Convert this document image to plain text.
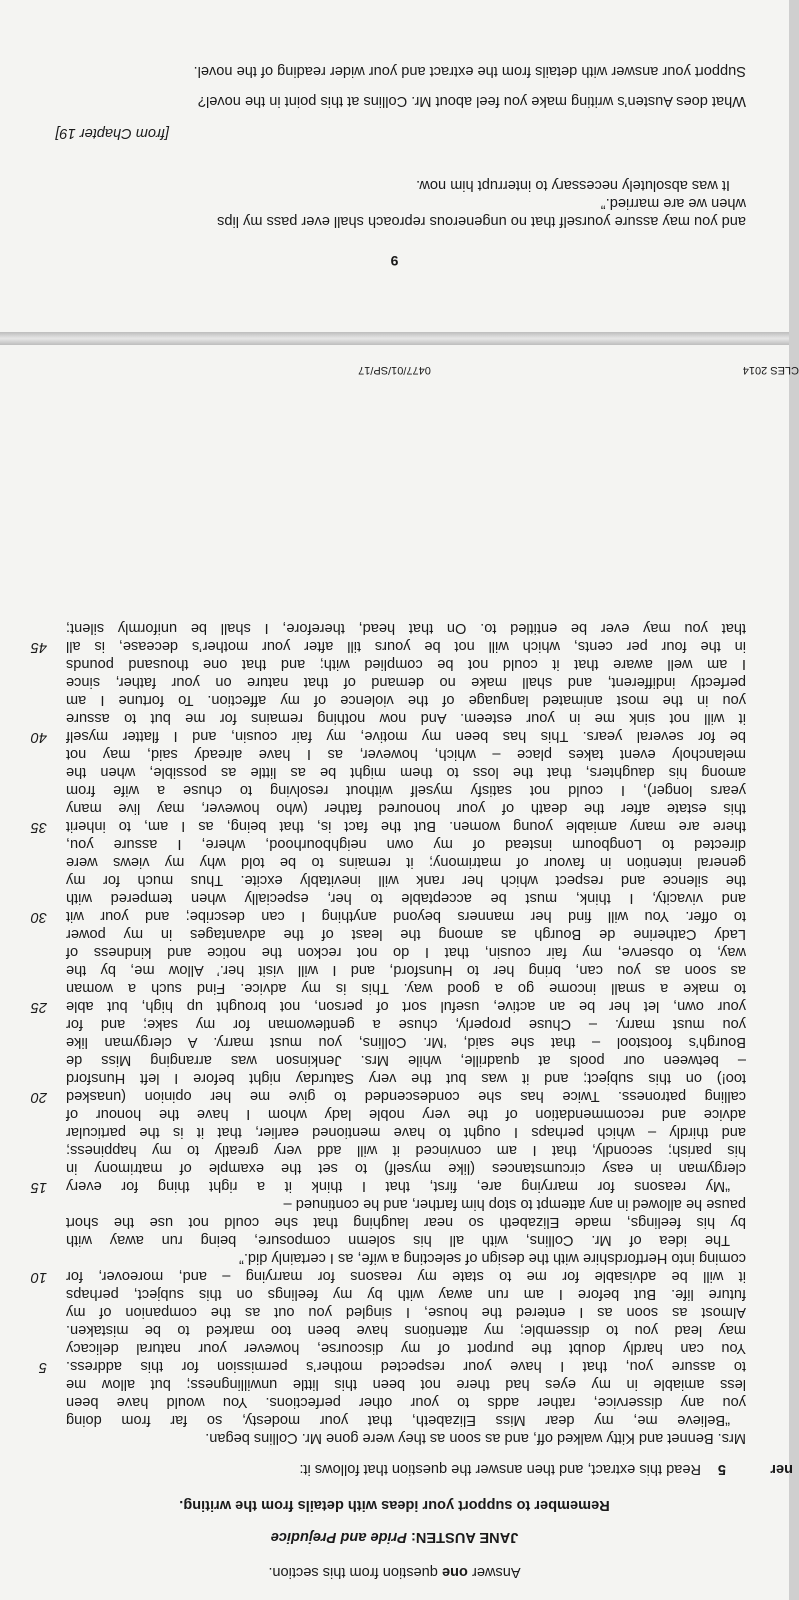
Answer one question from this section.
JANE AUSTEN: Pride and Prejudice
Remember to support your ideas with details from the writing.
ner
5
Read this extract, and then answer the question that follows it:
Mrs. Bennet and Kitty walked off, and as soon as they were gone Mr. Collins began.
“Believe me, my dear Miss Elizabeth, that your modesty, so far from doing
you any disservice, rather adds to your other perfections. You would have been
less amiable in my eyes had there not been this little unwillingness; but allow me
to assure you, that I have your respected mother’s permission for this address.
You can hardly doubt the purport of my discourse, however your natural delicacy
may lead you to dissemble; my attentions have been too marked to be mistaken.
Almost as soon as I entered the house, I singled you out as the companion of my
future life. But before I am run away with by my feelings on this subject, perhaps
it will be advisable for me to state my reasons for marrying – and, moreover, for
coming into Hertfordshire with the design of selecting a wife, as I certainly did.”
The idea of Mr. Collins, with all his solemn composure, being run away with
by his feelings, made Elizabeth so near laughing that she could not use the short
pause he allowed in any attempt to stop him farther, and he continued –
“My reasons for marrying are, first, that I think it a right thing for every
clergyman in easy circumstances (like myself) to set the example of matrimony in
his parish; secondly, that I am convinced it will add very greatly to my happiness;
and thirdly – which perhaps I ought to have mentioned earlier, that it is the particular
advice and recommendation of the very noble lady whom I have the honour of
calling patroness. Twice has she condescended to give me her opinion (unasked
too!) on this subject; and it was but the very Saturday night before I left Hunsford
– between our pools at quadrille, while Mrs. Jenkinson was arranging Miss de
Bourgh’s footstool – that she said, ‘Mr. Collins, you must marry. A clergyman like
you must marry. – Chuse properly, chuse a gentlewoman for my sake; and for
your own, let her be an active, useful sort of person, not brought up high, but able
to make a small income go a good way. This is my advice. Find such a woman
as soon as you can, bring her to Hunsford, and I will visit her.’ Allow me, by the
way, to observe, my fair cousin, that I do not reckon the notice and kindness of
Lady Catherine de Bourgh as among the least of the advantages in my power
to offer. You will find her manners beyond anything I can describe; and your wit
and vivacity, I think, must be acceptable to her, especially when tempered with
the silence and respect which her rank will inevitably excite. Thus much for my
general intention in favour of matrimony; it remains to be told why my views were
directed to Longbourn instead of my own neighbourhood, where, I assure you,
there are many amiable young women. But the fact is, that being, as I am, to inherit
this estate after the death of your honoured father (who however, may live many
years longer), I could not satisfy myself without resolving to chuse a wife from
among his daughters, that the loss to them might be as little as possible, when the
melancholy event takes place – which, however, as I have already said, may not
be for several years. This has been my motive, my fair cousin, and I flatter myself
it will not sink me in your esteem. And now nothing remains for me but to assure
you in the most animated language of the violence of my affection. To fortune I am
perfectly indifferent, and shall make no demand of that nature on your father, since
I am well aware that it could not be complied with; and that one thousand pounds
in the four per cents, which will not be yours till after your mother’s decease, is all
that you may ever be entitled to. On that head, therefore, I shall be uniformly silent;
5
10
15
20
25
30
35
40
45
CLES 2014
0477/01/SP/17
9
and you may assure yourself that no ungenerous reproach shall ever pass my lips
when we are married.”
It was absolutely necessary to interrupt him now.
[from Chapter 19]
What does Austen’s writing make you feel about Mr. Collins at this point in the novel?
Support your answer with details from the extract and your wider reading of the novel.
